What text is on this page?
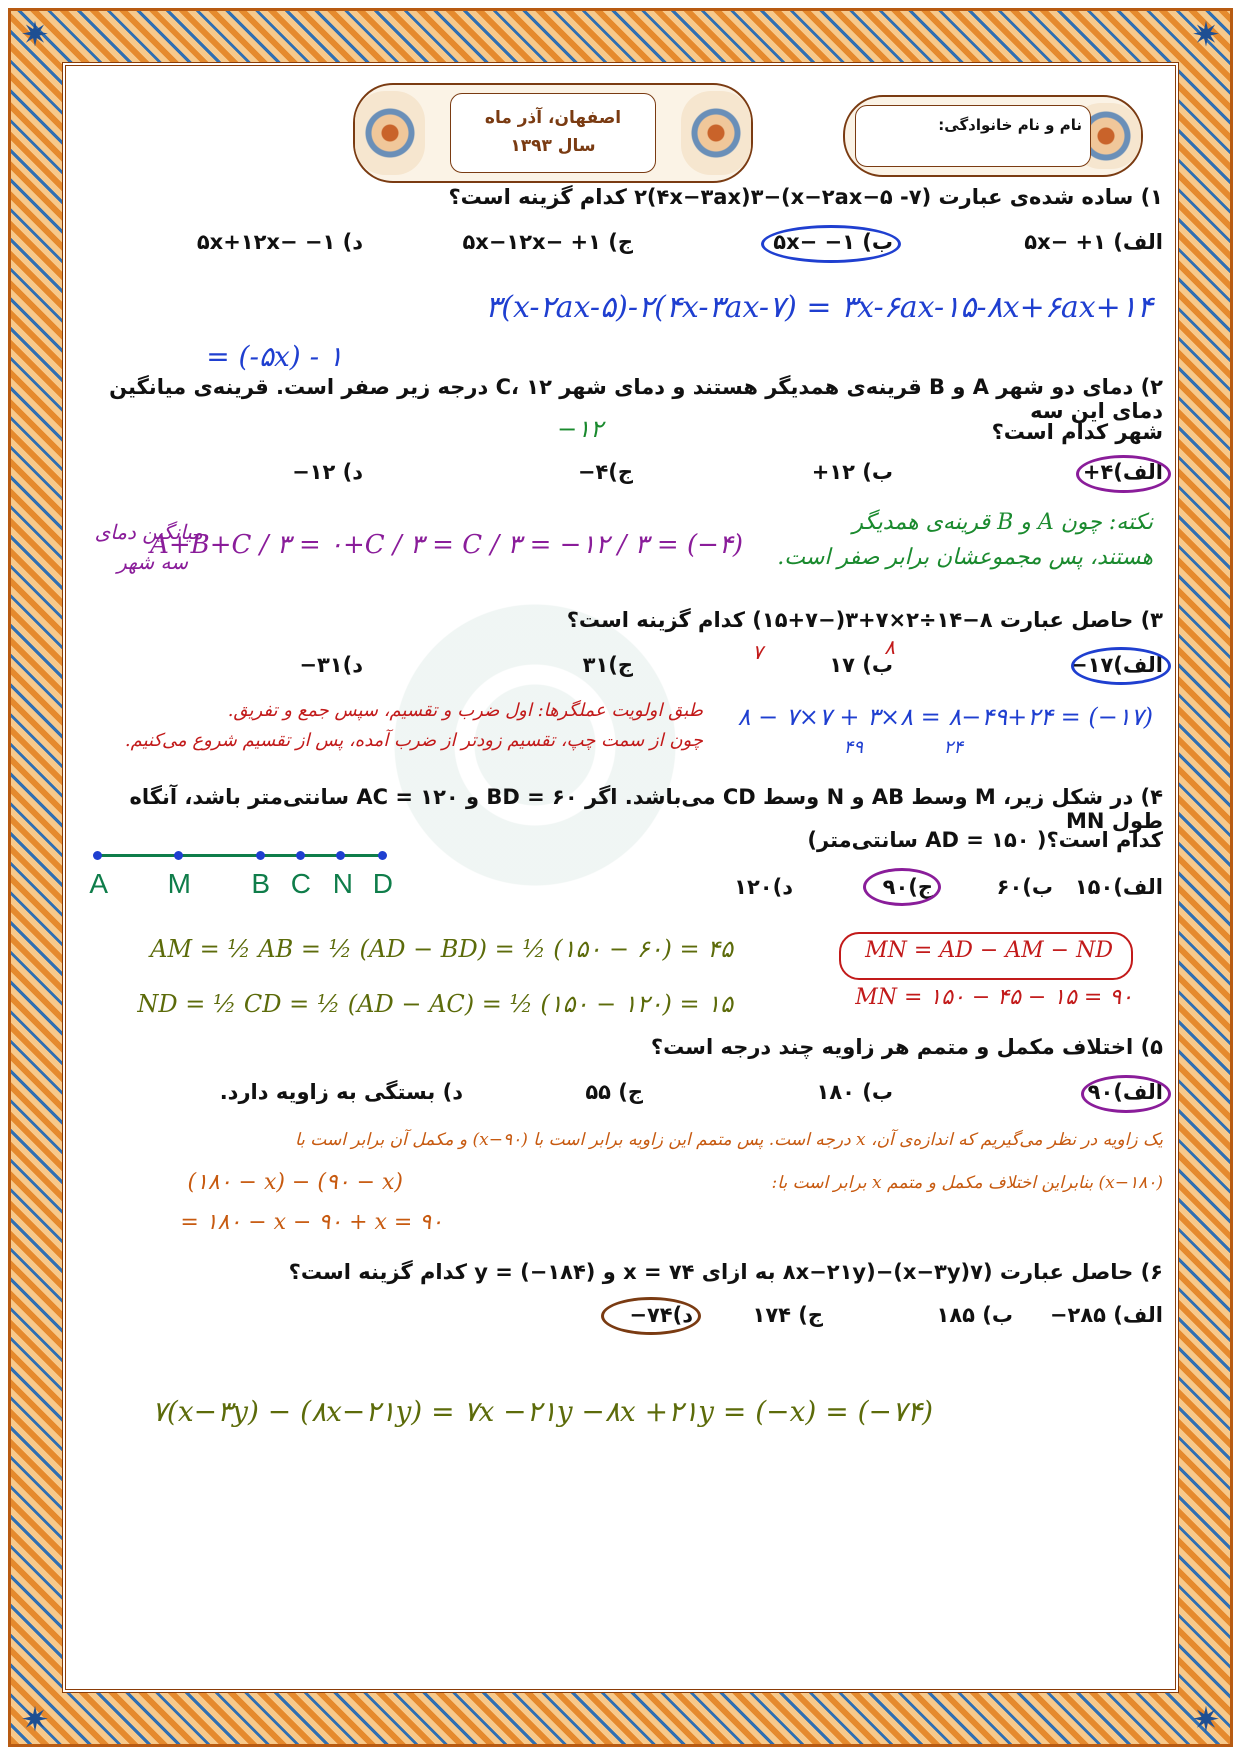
✷	✷
✷	✷
نام و نام خانوادگی:
اصفهان، آذر ماه
سال ۱۳۹۳
۱) ساده شده‌ی عبارت (۷- x−۲ax−۵)−۲(۴x−۳ax)۳ کدام گزینه است؟
الف) ۱+ −۵x
ب) ۱− −۵x
ج) ۱+ −۵x−۱۲x
د) ۱− −۵x+۱۲x
۳(x-۲ax-۵)-۲(۴x-۳ax-۷) = ۳x-۶ax-۱۵-۸x+۶ax+۱۴
= (-۵x) - ۱
۲) دمای دو شهر A و B قرینه‌ی همدیگر هستند و دمای شهر C، ۱۲ درجه زیر صفر است. قرینه‌ی میانگین دمای این سه
شهر کدام است؟
−۱۲
الف)۴+
ب) ۱۲+
ج)۴−
د) ۱۲−
نکته: چون A و B قرینه‌ی همدیگر
هستند، پس مجموعشان برابر صفر است.
A+B+C / ۳ = ۰+C / ۳ = C / ۳ = −۱۲ / ۳ = (−۴)
میانگین دمای
سه شهر
۳) حاصل عبارت ۸−۱۴÷۲×۷+۳(−۷+۱۵) کدام گزینه است؟
۸
۷
الف)۱۷−
ب) ۱۷
ج)۳۱
د)۳۱−
طبق اولویت عملگرها: اول ضرب و تقسیم، سپس جمع و تفریق.
چون از سمت چپ، تقسیم زودتر از ضرب آمده، پس از تقسیم شروع می‌کنیم.
۸ − ۷×۷ + ۳×۸ = ۸−۴۹+۲۴ = (−۱۷)
۴۹	۲۴
۴) در شکل زیر، M وسط AB و N وسط CD می‌باشد. اگر BD = ۶۰ و AC = ۱۲۰ سانتی‌متر باشد، آنگاه طول MN
کدام است؟( AD = ۱۵۰ سانتی‌متر)
الف)۱۵۰
ب)۶۰
ج)۹۰
د)۱۲۰
A M B C N D
AM = ½ AB = ½ (AD − BD) = ½ (۱۵۰ − ۶۰) = ۴۵
ND = ½ CD = ½ (AD − AC) = ½ (۱۵۰ − ۱۲۰) = ۱۵
MN = AD − AM − ND
MN = ۱۵۰ − ۴۵ − ۱۵ = ۹۰
۵) اختلاف مکمل و متمم هر زاویه چند درجه است؟
الف)۹۰
ب) ۱۸۰
ج) ۵۵
د) بستگی به زاویه دارد.
یک زاویه در نظر می‌گیریم که اندازه‌ی آن، x درجه است. پس متمم این زاویه برابر است با (x−۹۰) و مکمل آن برابر است با
(x−۱۸۰) بنابراین اختلاف مکمل و متمم x برابر است با:
(۱۸۰ − x) − (۹۰ − x)
= ۱۸۰ − x − ۹۰ + x = ۹۰
۶) حاصل عبارت (۷(x−۳y)−(۸x−۲۱y به ازای x = ۷۴ و y = (−۱۸۴) کدام گزینه است؟
الف) ۲۸۵−
ب) ۱۸۵
ج) ۱۷۴
د)۷۴−
۷(x−۳y) − (۸x−۲۱y) = ۷x −۲۱y −۸x +۲۱y = (−x) = (−۷۴)
